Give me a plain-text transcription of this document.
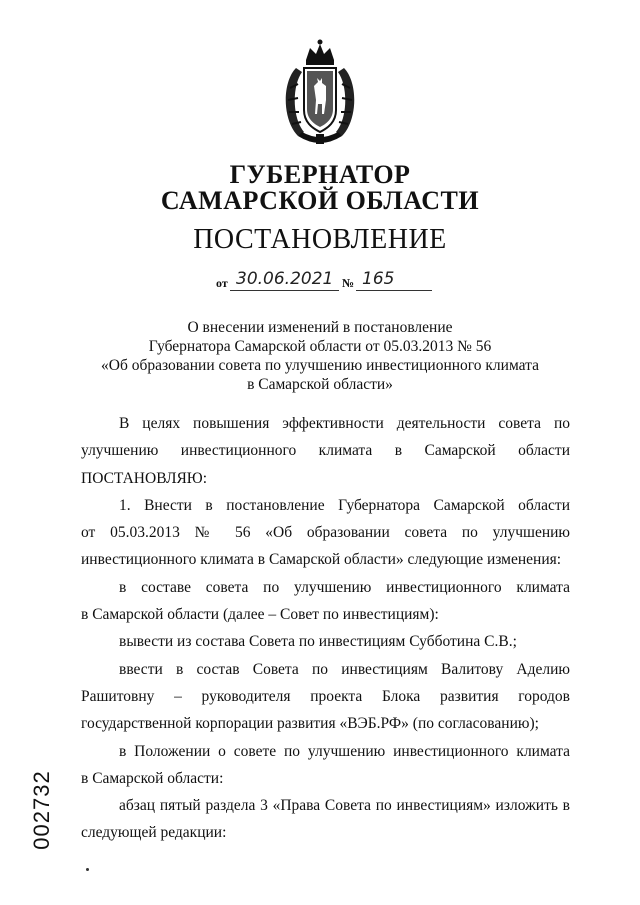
ГУБЕРНАТОР
САМАРСКОЙ ОБЛАСТИ
ПОСТАНОВЛЕНИЕ
от 30.06.2021 № 165
О внесении изменений в постановление
Губернатора Самарской области от 05.03.2013 № 56
«Об образовании совета по улучшению инвестиционного климата
в Самарской области»
В целях повышения эффективности деятельности совета по
улучшению инвестиционного климата в Самарской области
ПОСТАНОВЛЯЮ:
1. Внести в постановление Губернатора Самарской области
от 05.03.2013 № 56 «Об образовании совета по улучшению
инвестиционного климата в Самарской области» следующие изменения:
в составе совета по улучшению инвестиционного климата
в Самарской области (далее – Совет по инвестициям):
вывести из состава Совета по инвестициям Субботина С.В.;
ввести в состав Совета по инвестициям Валитову Аделию
Рашитовну – руководителя проекта Блока развития городов
государственной корпорации развития «ВЭБ.РФ» (по согласованию);
в Положении о совете по улучшению инвестиционного климата
в Самарской области:
абзац пятый раздела 3 «Права Совета по инвестициям» изложить в
следующей редакции:
002732
